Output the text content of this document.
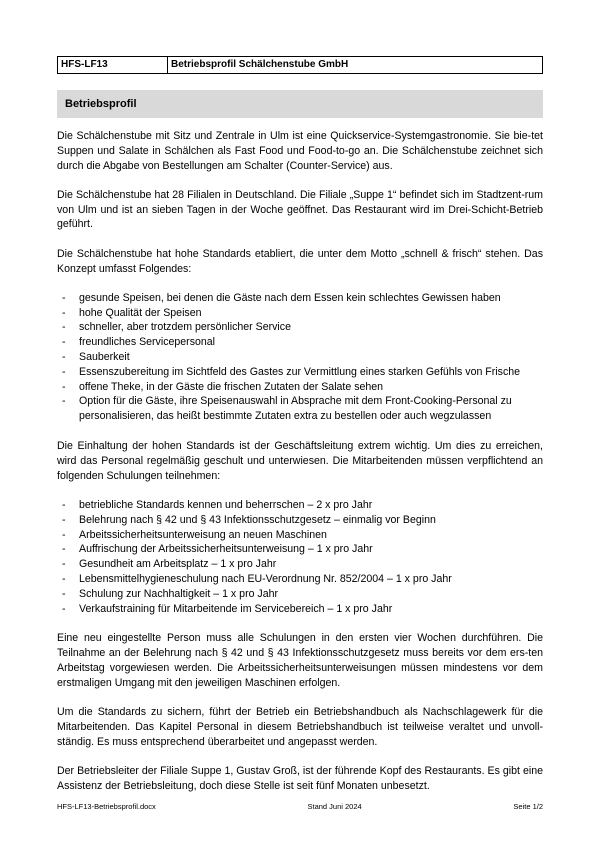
HFS-LF13	Betriebsprofil Schälchenstube GmbH
Betriebsprofil

Die Schälchenstube mit Sitz und Zentrale in Ulm ist eine Quickservice-Systemgastronomie. Sie bie-tet Suppen und Salate in Schälchen als Fast Food und Food-to-go an. Die Schälchenstube zeichnet sich durch die Abgabe von Bestellungen am Schalter (Counter-Service) aus.

Die Schälchenstube hat 28 Filialen in Deutschland. Die Filiale „Suppe 1“ befindet sich im Stadtzent-rum von Ulm und ist an sieben Tagen in der Woche geöffnet. Das Restaurant wird im Drei-Schicht-Betrieb geführt.

Die Schälchenstube hat hohe Standards etabliert, die unter dem Motto „schnell & frisch“ stehen. Das Konzept umfasst Folgendes:

- gesunde Speisen, bei denen die Gäste nach dem Essen kein schlechtes Gewissen haben
- hohe Qualität der Speisen
- schneller, aber trotzdem persönlicher Service
- freundliches Servicepersonal
- Sauberkeit
- Essenszubereitung im Sichtfeld des Gastes zur Vermittlung eines starken Gefühls von Frische
- offene Theke, in der Gäste die frischen Zutaten der Salate sehen
- Option für die Gäste, ihre Speisenauswahl in Absprache mit dem Front-Cooking-Personal zu personalisieren, das heißt bestimmte Zutaten extra zu bestellen oder auch wegzulassen

Die Einhaltung der hohen Standards ist der Geschäftsleitung extrem wichtig. Um dies zu erreichen, wird das Personal regelmäßig geschult und unterwiesen. Die Mitarbeitenden müssen verpflichtend an folgenden Schulungen teilnehmen:

- betriebliche Standards kennen und beherrschen – 2 x pro Jahr
- Belehrung nach § 42 und § 43 Infektionsschutzgesetz – einmalig vor Beginn
- Arbeitssicherheitsunterweisung an neuen Maschinen
- Auffrischung der Arbeitssicherheitsunterweisung – 1 x pro Jahr
- Gesundheit am Arbeitsplatz – 1 x pro Jahr
- Lebensmittelhygieneschulung nach EU-Verordnung Nr. 852/2004 – 1 x pro Jahr
- Schulung zur Nachhaltigkeit – 1 x pro Jahr
- Verkaufstraining für Mitarbeitende im Servicebereich – 1 x pro Jahr

Eine neu eingestellte Person muss alle Schulungen in den ersten vier Wochen durchführen. Die Teilnahme an der Belehrung nach § 42 und § 43 Infektionsschutzgesetz muss bereits vor dem ers-ten Arbeitstag vorgewiesen werden. Die Arbeitssicherheitsunterweisungen müssen mindestens vor dem erstmaligen Umgang mit den jeweiligen Maschinen erfolgen.

Um die Standards zu sichern, führt der Betrieb ein Betriebshandbuch als Nachschlagewerk für die Mitarbeitenden. Das Kapitel Personal in diesem Betriebshandbuch ist teilweise veraltet und unvoll-ständig. Es muss entsprechend überarbeitet und angepasst werden.

Der Betriebsleiter der Filiale Suppe 1, Gustav Groß, ist der führende Kopf des Restaurants. Es gibt eine Assistenz der Betriebsleitung, doch diese Stelle ist seit fünf Monaten unbesetzt.

HFS-LF13-Betriebsprofil.docx	Stand Juni 2024	Seite 1/2
